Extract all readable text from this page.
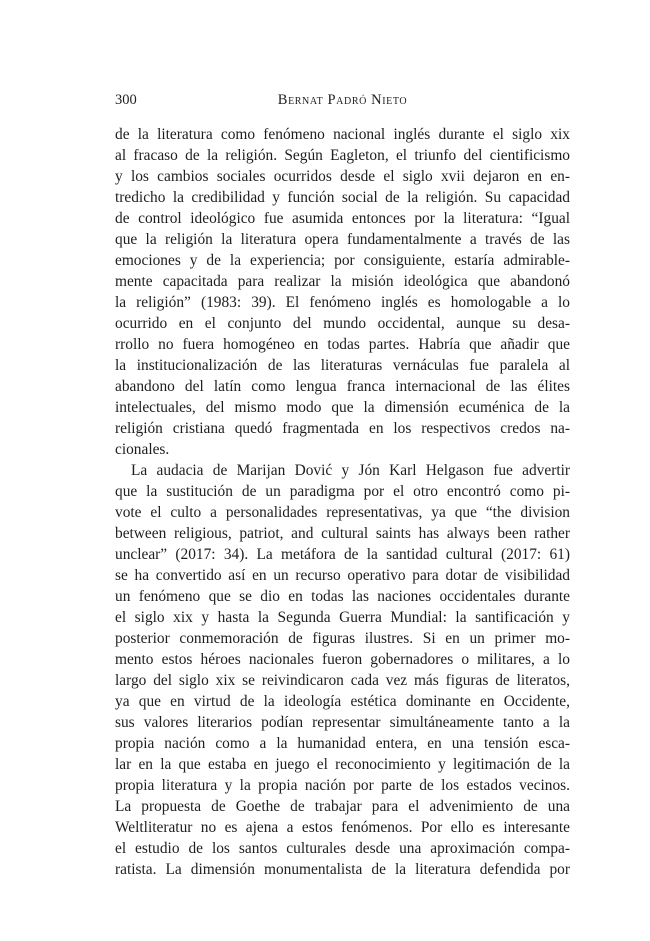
300	Bernat Padró Nieto
de la literatura como fenómeno nacional inglés durante el siglo xix
al fracaso de la religión. Según Eagleton, el triunfo del cientificismo
y los cambios sociales ocurridos desde el siglo xvii dejaron en en-
tredicho la credibilidad y función social de la religión. Su capacidad
de control ideológico fue asumida entonces por la literatura: “Igual
que la religión la literatura opera fundamentalmente a través de las
emociones y de la experiencia; por consiguiente, estaría admirable-
mente capacitada para realizar la misión ideológica que abandonó
la religión” (1983: 39). El fenómeno inglés es homologable a lo
ocurrido en el conjunto del mundo occidental, aunque su desa-
rrollo no fuera homogéneo en todas partes. Habría que añadir que
la institucionalización de las literaturas vernáculas fue paralela al
abandono del latín como lengua franca internacional de las élites
intelectuales, del mismo modo que la dimensión ecuménica de la
religión cristiana quedó fragmentada en los respectivos credos na-
cionales.
La audacia de Marijan Dović y Jón Karl Helgason fue advertir
que la sustitución de un paradigma por el otro encontró como pi-
vote el culto a personalidades representativas, ya que “the division
between religious, patriot, and cultural saints has always been rather
unclear” (2017: 34). La metáfora de la santidad cultural (2017: 61)
se ha convertido así en un recurso operativo para dotar de visibilidad
un fenómeno que se dio en todas las naciones occidentales durante
el siglo xix y hasta la Segunda Guerra Mundial: la santificación y
posterior conmemoración de figuras ilustres. Si en un primer mo-
mento estos héroes nacionales fueron gobernadores o militares, a lo
largo del siglo xix se reivindicaron cada vez más figuras de literatos,
ya que en virtud de la ideología estética dominante en Occidente,
sus valores literarios podían representar simultáneamente tanto a la
propia nación como a la humanidad entera, en una tensión esca-
lar en la que estaba en juego el reconocimiento y legitimación de la
propia literatura y la propia nación por parte de los estados vecinos.
La propuesta de Goethe de trabajar para el advenimiento de una
Weltliteratur no es ajena a estos fenómenos. Por ello es interesante
el estudio de los santos culturales desde una aproximación compa-
ratista. La dimensión monumentalista de la literatura defendida por
